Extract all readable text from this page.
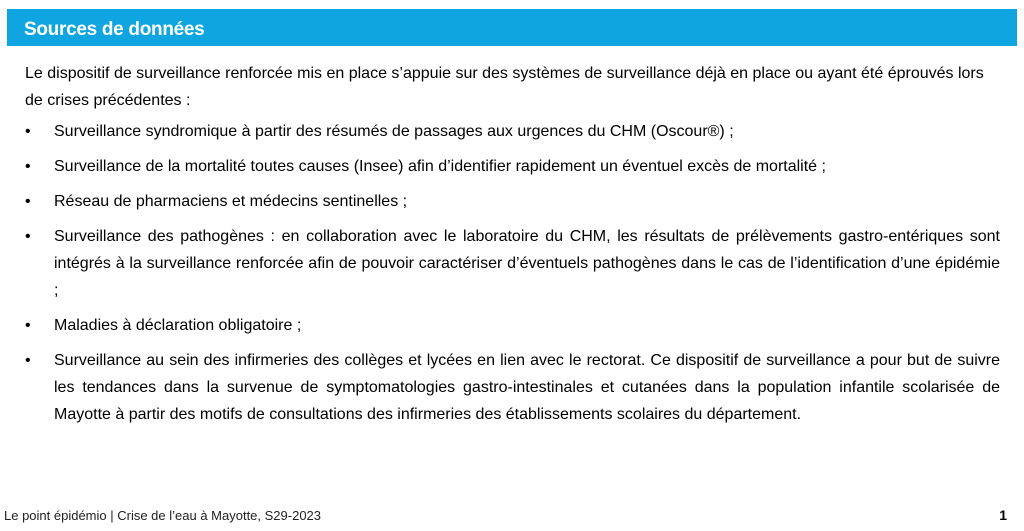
Sources de données

Le dispositif de surveillance renforcée mis en place s’appuie sur des systèmes de surveillance déjà en place ou ayant été éprouvés lors de crises précédentes :

• Surveillance syndromique à partir des résumés de passages aux urgences du CHM (Oscour®) ;
• Surveillance de la mortalité toutes causes (Insee) afin d’identifier rapidement un éventuel excès de mortalité ;
• Réseau de pharmaciens et médecins sentinelles ;
• Surveillance des pathogènes : en collaboration avec le laboratoire du CHM, les résultats de prélèvements gastro-entériques sont intégrés à la surveillance renforcée afin de pouvoir caractériser d’éventuels pathogènes dans le cas de l’identification d’une épidémie ;
• Maladies à déclaration obligatoire ;
• Surveillance au sein des infirmeries des collèges et lycées en lien avec le rectorat. Ce dispositif de surveillance a pour but de suivre les tendances dans la survenue de symptomatologies gastro-intestinales et cutanées dans la population infantile scolarisée de Mayotte à partir des motifs de consultations des infirmeries des établissements scolaires du département.
Le point épidémio | Crise de l’eau à Mayotte, S29-2023	1
